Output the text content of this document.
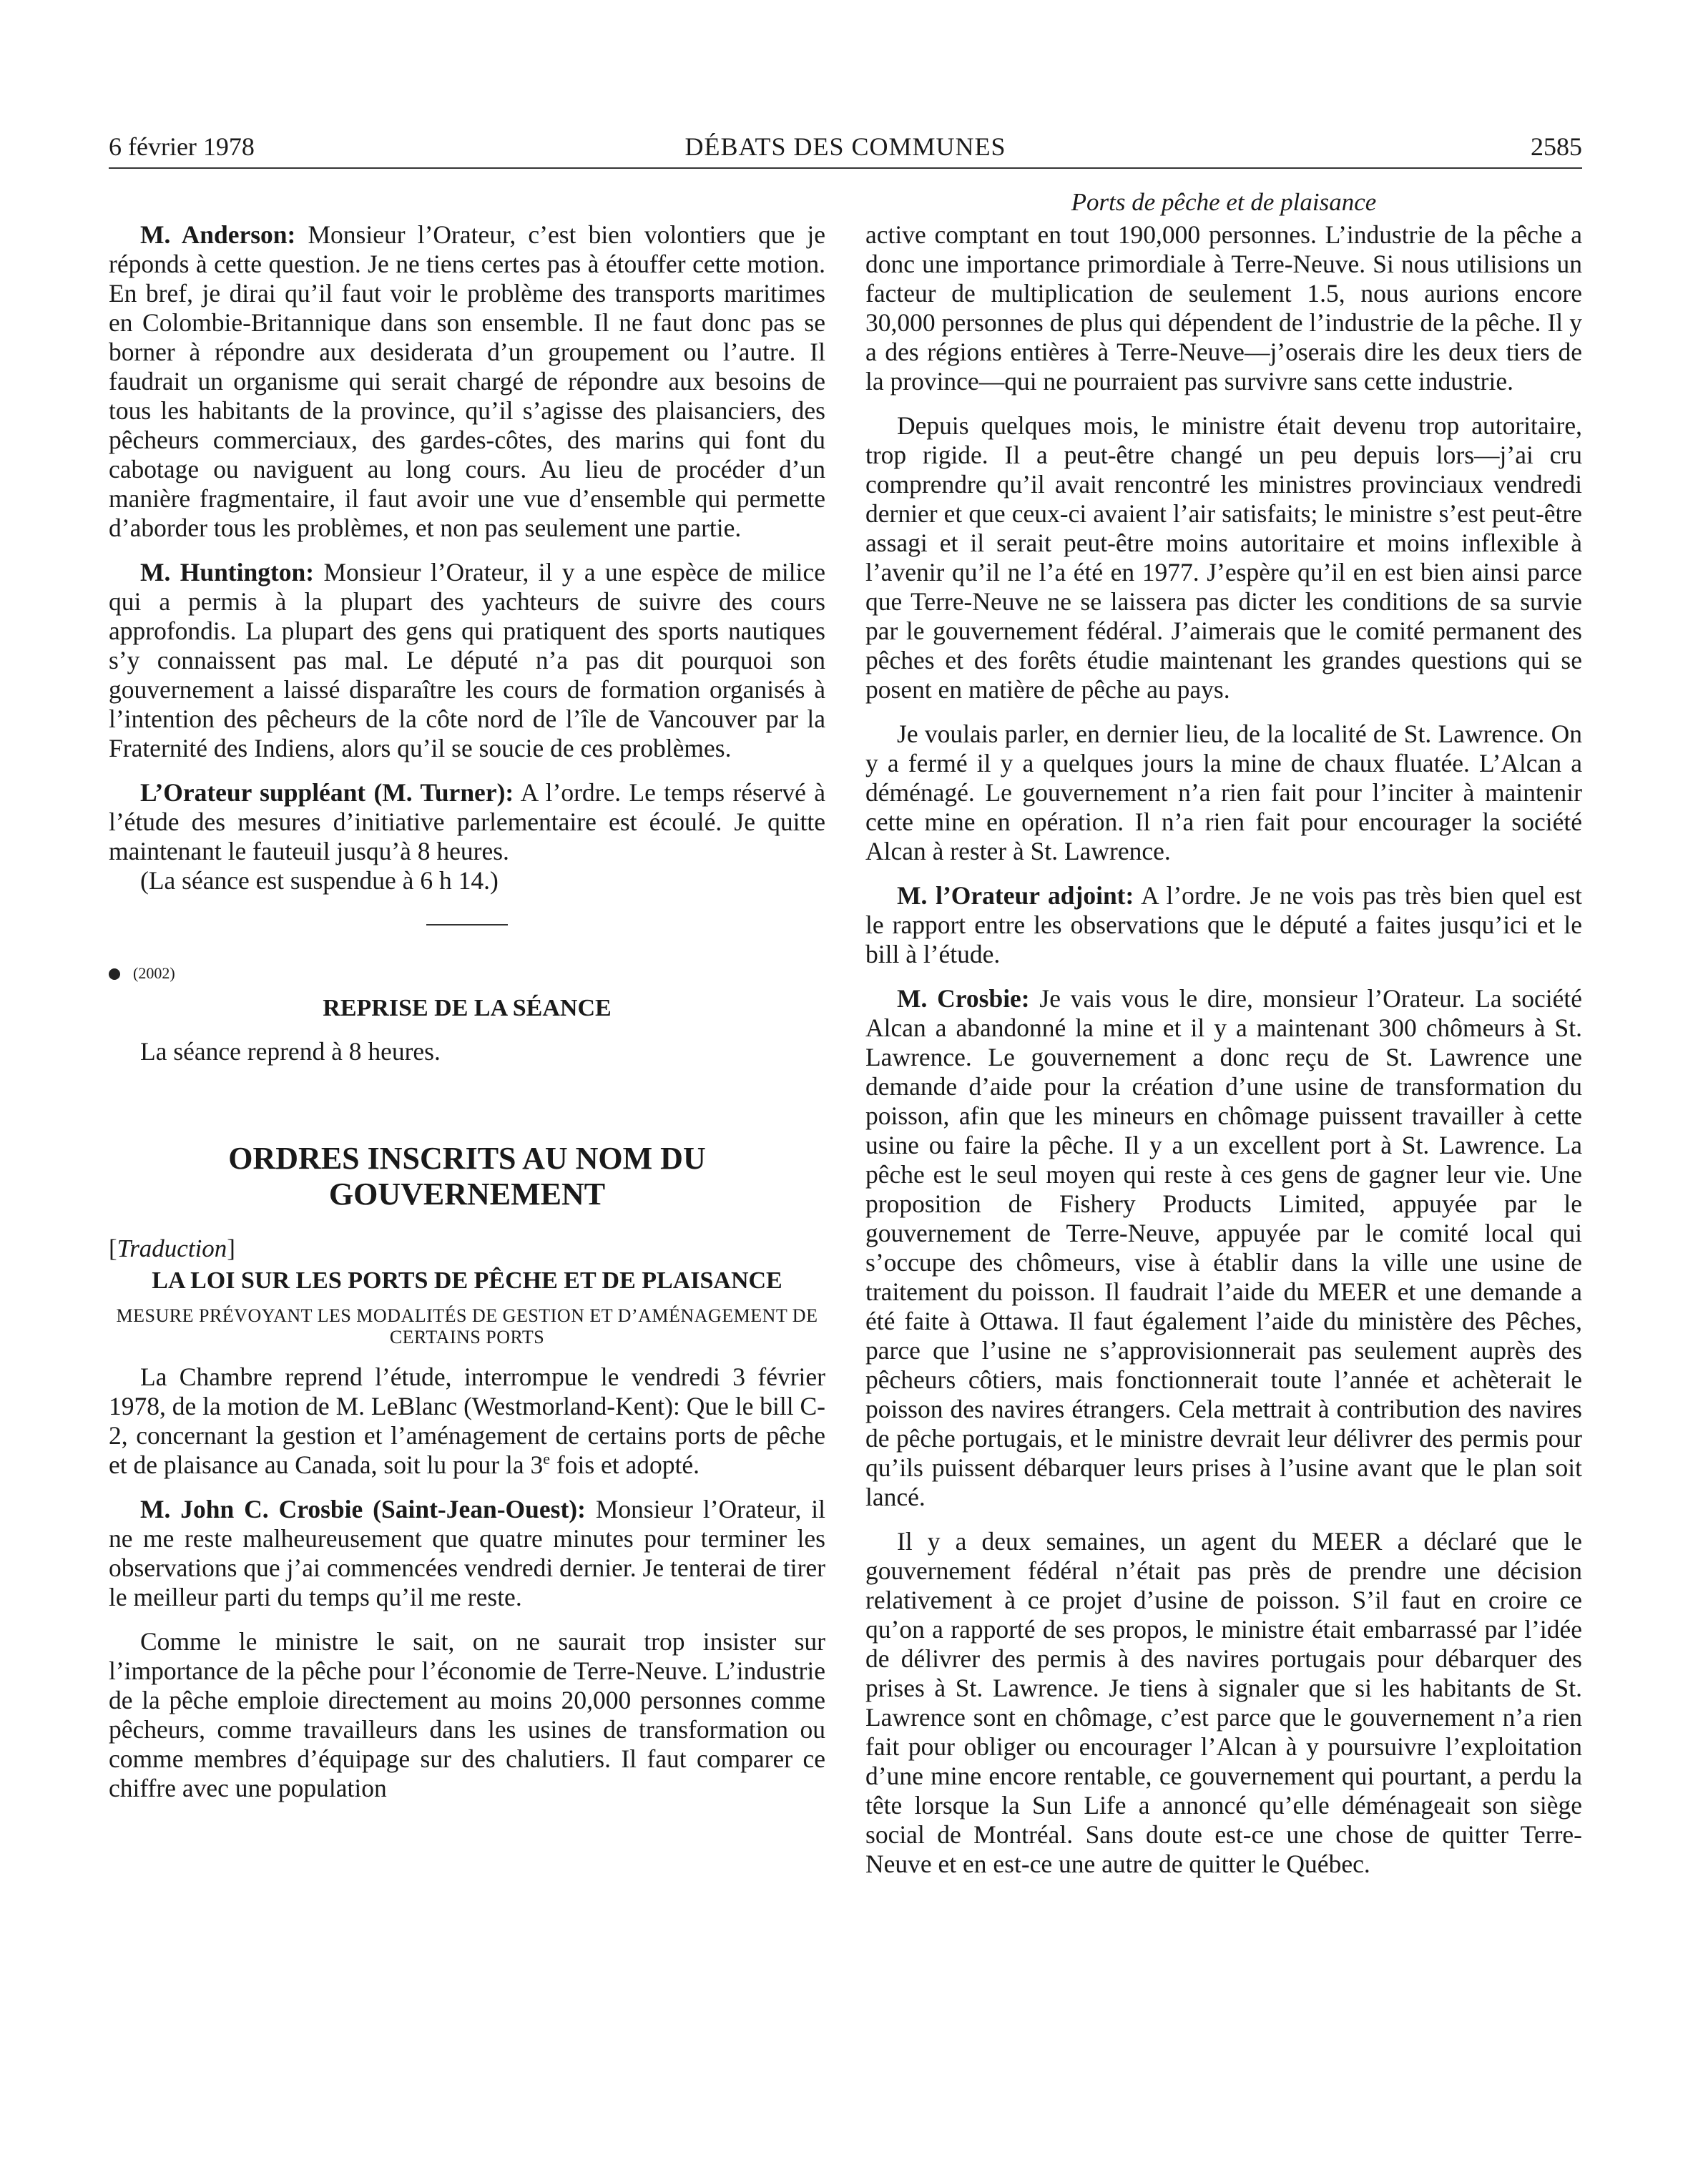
6 février 1978	DÉBATS DES COMMUNES	2585
Ports de pêche et de plaisance

M. Anderson: Monsieur l’Orateur, c’est bien volontiers que je réponds à cette question. Je ne tiens certes pas à étouffer cette motion. En bref, je dirai qu’il faut voir le problème des transports maritimes en Colombie-Britannique dans son ensemble. Il ne faut donc pas se borner à répondre aux desiderata d’un groupement ou l’autre. Il faudrait un organisme qui serait chargé de répondre aux besoins de tous les habitants de la province, qu’il s’agisse des plaisanciers, des pêcheurs commerciaux, des gardes-côtes, des marins qui font du cabotage ou naviguent au long cours. Au lieu de procéder d’un manière fragmentaire, il faut avoir une vue d’ensemble qui permette d’aborder tous les problèmes, et non pas seulement une partie.

M. Huntington: Monsieur l’Orateur, il y a une espèce de milice qui a permis à la plupart des yachteurs de suivre des cours approfondis. La plupart des gens qui pratiquent des sports nautiques s’y connaissent pas mal. Le député n’a pas dit pourquoi son gouvernement a laissé disparaître les cours de formation organisés à l’intention des pêcheurs de la côte nord de l’île de Vancouver par la Fraternité des Indiens, alors qu’il se soucie de ces problèmes.

L’Orateur suppléant (M. Turner): A l’ordre. Le temps réservé à l’étude des mesures d’initiative parlementaire est écoulé. Je quitte maintenant le fauteuil jusqu’à 8 heures.

(La séance est suspendue à 6 h 14.)

(2002)
REPRISE DE LA SÉANCE

La séance reprend à 8 heures.

ORDRES INSCRITS AU NOM DU GOUVERNEMENT
[Traduction]
LA LOI SUR LES PORTS DE PÊCHE ET DE PLAISANCE
MESURE PRÉVOYANT LES MODALITÉS DE GESTION ET D’AMÉNAGEMENT DE CERTAINS PORTS

La Chambre reprend l’étude, interrompue le vendredi 3 février 1978, de la motion de M. LeBlanc (Westmorland-Kent): Que le bill C-2, concernant la gestion et l’aménagement de certains ports de pêche et de plaisance au Canada, soit lu pour la 3e fois et adopté.

M. John C. Crosbie (Saint-Jean-Ouest): Monsieur l’Orateur, il ne me reste malheureusement que quatre minutes pour terminer les observations que j’ai commencées vendredi dernier. Je tenterai de tirer le meilleur parti du temps qu’il me reste.

Comme le ministre le sait, on ne saurait trop insister sur l’importance de la pêche pour l’économie de Terre-Neuve. L’industrie de la pêche emploie directement au moins 20,000 personnes comme pêcheurs, comme travailleurs dans les usines de transformation ou comme membres d’équipage sur des chalutiers. Il faut comparer ce chiffre avec une population

active comptant en tout 190,000 personnes. L’industrie de la pêche a donc une importance primordiale à Terre-Neuve. Si nous utilisions un facteur de multiplication de seulement 1.5, nous aurions encore 30,000 personnes de plus qui dépendent de l’industrie de la pêche. Il y a des régions entières à Terre-Neuve—j’oserais dire les deux tiers de la province—qui ne pourraient pas survivre sans cette industrie.

Depuis quelques mois, le ministre était devenu trop autoritaire, trop rigide. Il a peut-être changé un peu depuis lors—j’ai cru comprendre qu’il avait rencontré les ministres provinciaux vendredi dernier et que ceux-ci avaient l’air satisfaits; le ministre s’est peut-être assagi et il serait peut-être moins autoritaire et moins inflexible à l’avenir qu’il ne l’a été en 1977. J’espère qu’il en est bien ainsi parce que Terre-Neuve ne se laissera pas dicter les conditions de sa survie par le gouvernement fédéral. J’aimerais que le comité permanent des pêches et des forêts étudie maintenant les grandes questions qui se posent en matière de pêche au pays.

Je voulais parler, en dernier lieu, de la localité de St. Lawrence. On y a fermé il y a quelques jours la mine de chaux fluatée. L’Alcan a déménagé. Le gouvernement n’a rien fait pour l’inciter à maintenir cette mine en opération. Il n’a rien fait pour encourager la société Alcan à rester à St. Lawrence.

M. l’Orateur adjoint: A l’ordre. Je ne vois pas très bien quel est le rapport entre les observations que le député a faites jusqu’ici et le bill à l’étude.

M. Crosbie: Je vais vous le dire, monsieur l’Orateur. La société Alcan a abandonné la mine et il y a maintenant 300 chômeurs à St. Lawrence. Le gouvernement a donc reçu de St. Lawrence une demande d’aide pour la création d’une usine de transformation du poisson, afin que les mineurs en chômage puissent travailler à cette usine ou faire la pêche. Il y a un excellent port à St. Lawrence. La pêche est le seul moyen qui reste à ces gens de gagner leur vie. Une proposition de Fishery Products Limited, appuyée par le gouvernement de Terre-Neuve, appuyée par le comité local qui s’occupe des chômeurs, vise à établir dans la ville une usine de traitement du poisson. Il faudrait l’aide du MEER et une demande a été faite à Ottawa. Il faut également l’aide du ministère des Pêches, parce que l’usine ne s’approvisionnerait pas seulement auprès des pêcheurs côtiers, mais fonctionnerait toute l’année et achèterait le poisson des navires étrangers. Cela mettrait à contribution des navires de pêche portugais, et le ministre devrait leur délivrer des permis pour qu’ils puissent débarquer leurs prises à l’usine avant que le plan soit lancé.

Il y a deux semaines, un agent du MEER a déclaré que le gouvernement fédéral n’était pas près de prendre une décision relativement à ce projet d’usine de poisson. S’il faut en croire ce qu’on a rapporté de ses propos, le ministre était embarrassé par l’idée de délivrer des permis à des navires portugais pour débarquer des prises à St. Lawrence. Je tiens à signaler que si les habitants de St. Lawrence sont en chômage, c’est parce que le gouvernement n’a rien fait pour obliger ou encourager l’Alcan à y poursuivre l’exploitation d’une mine encore rentable, ce gouvernement qui pourtant, a perdu la tête lorsque la Sun Life a annoncé qu’elle déménageait son siège social de Montréal. Sans doute est-ce une chose de quitter Terre-Neuve et en est-ce une autre de quitter le Québec.
